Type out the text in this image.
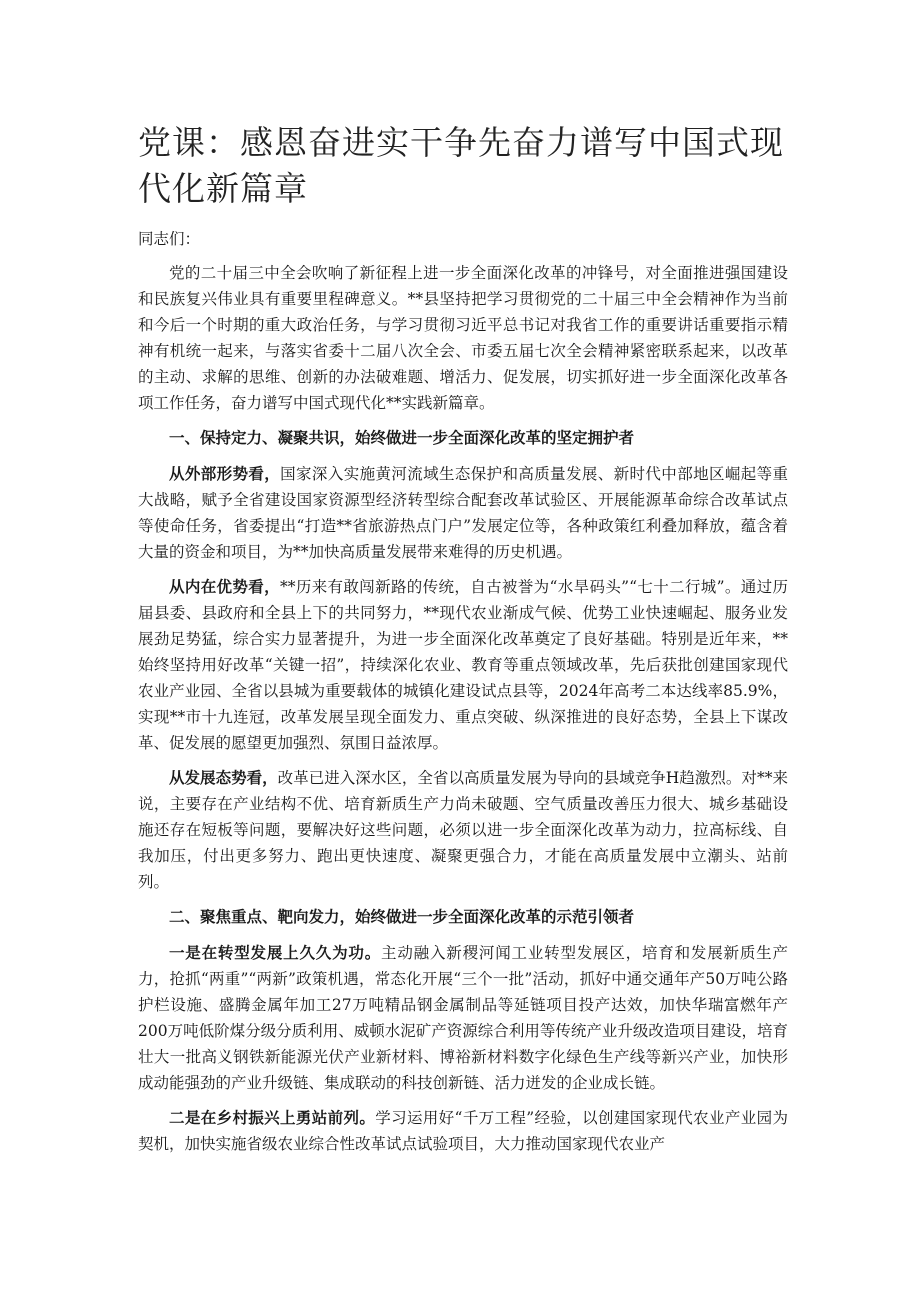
党课：感恩奋进实干争先奋力谱写中国式现代化新篇章
同志们：

党的二十届三中全会吹响了新征程上进一步全面深化改革的冲锋号，对全面推进强国建设和民族复兴伟业具有重要里程碑意义。**县坚持把学习贯彻党的二十届三中全会精神作为当前和今后一个时期的重大政治任务，与学习贯彻习近平总书记对我省工作的重要讲话重要指示精神有机统一起来，与落实省委十二届八次全会、市委五届七次全会精神紧密联系起来，以改革的主动、求解的思维、创新的办法破难题、增活力、促发展，切实抓好进一步全面深化改革各项工作任务，奋力谱写中国式现代化**实践新篇章。

一、保持定力、凝聚共识，始终做进一步全面深化改革的坚定拥护者

从外部形势看，国家深入实施黄河流域生态保护和高质量发展、新时代中部地区崛起等重大战略，赋予全省建设国家资源型经济转型综合配套改革试验区、开展能源革命综合改革试点等使命任务，省委提出“打造**省旅游热点门户”发展定位等，各种政策红利叠加释放，蕴含着大量的资金和项目，为**加快高质量发展带来难得的历史机遇。

从内在优势看，**历来有敢闯新路的传统，自古被誉为“水旱码头”“七十二行城”。通过历届县委、县政府和全县上下的共同努力，**现代农业渐成气候、优势工业快速崛起、服务业发展劲足势猛，综合实力显著提升，为进一步全面深化改革奠定了良好基础。特别是近年来，**始终坚持用好改革“关键一招”，持续深化农业、教育等重点领域改革，先后获批创建国家现代农业产业园、全省以县城为重要载体的城镇化建设试点县等，2024年高考二本达线率85.9%，实现**市十九连冠，改革发展呈现全面发力、重点突破、纵深推进的良好态势，全县上下谋改革、促发展的愿望更加强烈、氛围日益浓厚。

从发展态势看，改革已进入深水区，全省以高质量发展为导向的县域竞争H趋激烈。对**来说，主要存在产业结构不优、培育新质生产力尚未破题、空气质量改善压力很大、城乡基础设施还存在短板等问题，要解决好这些问题，必须以进一步全面深化改革为动力，拉高标线、自我加压，付出更多努力、跑出更快速度、凝聚更强合力，才能在高质量发展中立潮头、站前列。

二、聚焦重点、靶向发力，始终做进一步全面深化改革的示范引领者

一是在转型发展上久久为功。主动融入新稷河闻工业转型发展区，培育和发展新质生产力，抢抓“两重”“两新”政策机遇，常态化开展“三个一批”活动，抓好中通交通年产50万吨公路护栏设施、盛腾金属年加工27万吨精品钢金属制品等延链项目投产达效，加快华瑞富燃年产200万吨低阶煤分级分质利用、威顿水泥矿产资源综合利用等传统产业升级改造项目建设，培育壮大一批高义钢铁新能源光伏产业新材料、博裕新材料数字化绿色生产线等新兴产业，加快形成动能强劲的产业升级链、集成联动的科技创新链、活力迸发的企业成长链。

二是在乡村振兴上勇站前列。学习运用好“千万工程”经验，以创建国家现代农业产业园为契机，加快实施省级农业综合性改革试点试验项目，大力推动国家现代农业产
